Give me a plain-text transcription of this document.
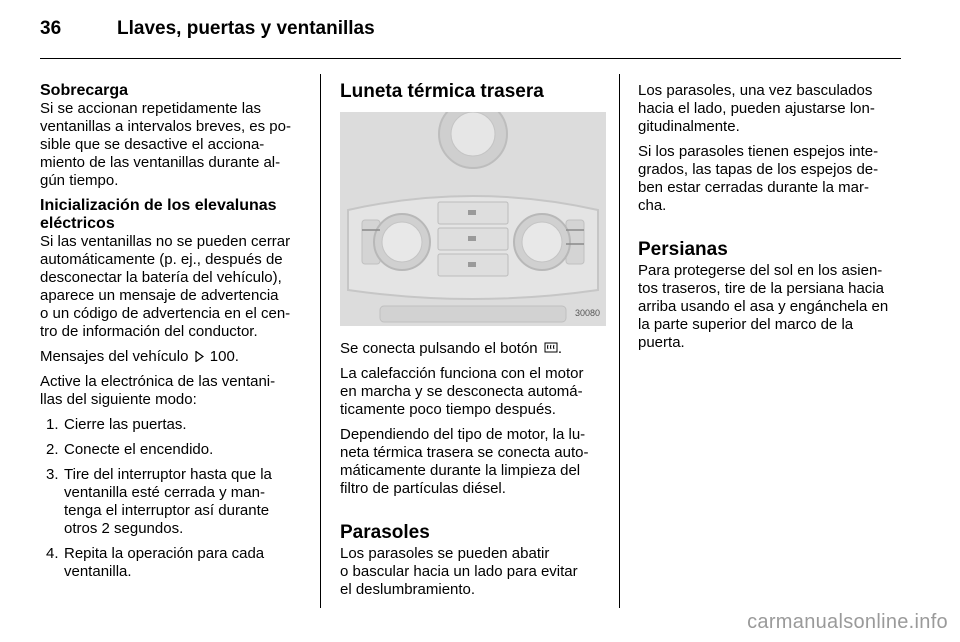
36	Llaves, puertas y ventanillas
Sobrecarga
Si se accionan repetidamente las
ventanillas a intervalos breves, es po-
sible que se desactive el acciona-
miento de las ventanillas durante al-
gún tiempo.
Inicialización de los elevalunas
eléctricos
Si las ventanillas no se pueden cerrar
automáticamente (p. ej., después de
desconectar la batería del vehículo),
aparece un mensaje de advertencia
o un código de advertencia en el cen-
tro de información del conductor.
Mensajes del vehículo 100.
Active la electrónica de las ventani-
llas del siguiente modo:
1. Cierre las puertas.
2. Conecte el encendido.
3. Tire del interruptor hasta que la
ventanilla esté cerrada y man-
tenga el interruptor así durante
otros 2 segundos.
4. Repita la operación para cada
ventanilla.
Luneta térmica trasera
30080
Se conecta pulsando el botón .
La calefacción funciona con el motor
en marcha y se desconecta automá-
ticamente poco tiempo después.
Dependiendo del tipo de motor, la lu-
neta térmica trasera se conecta auto-
máticamente durante la limpieza del
filtro de partículas diésel.
Parasoles
Los parasoles se pueden abatir
o bascular hacia un lado para evitar
el deslumbramiento.
Los parasoles, una vez basculados
hacia el lado, pueden ajustarse lon-
gitudinalmente.
Si los parasoles tienen espejos inte-
grados, las tapas de los espejos de-
ben estar cerradas durante la mar-
cha.
Persianas
Para protegerse del sol en los asien-
tos traseros, tire de la persiana hacia
arriba usando el asa y engánchela en
la parte superior del marco de la
puerta.
carmanualsonline.info
